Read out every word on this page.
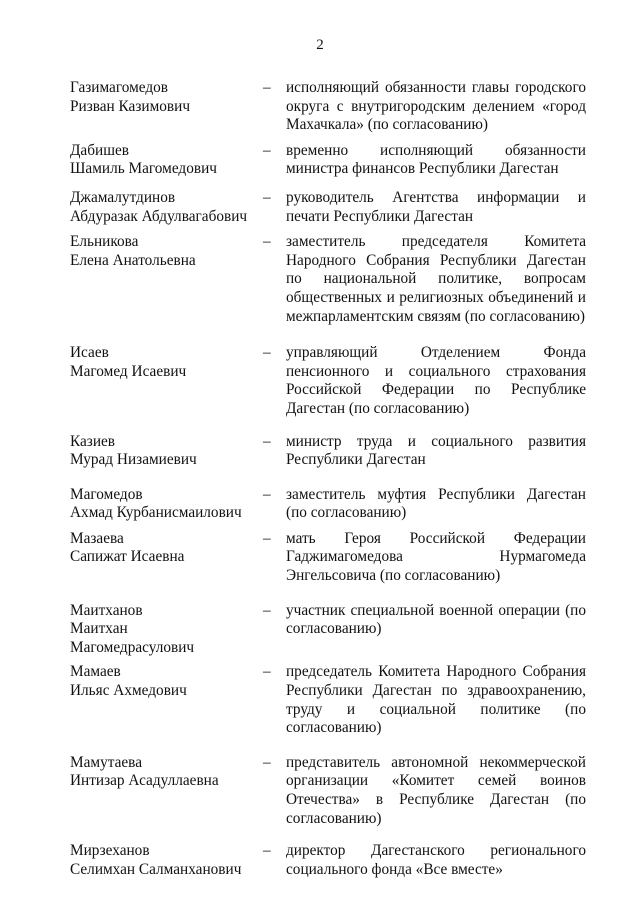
2
Газимагомедов
Ризван Казимович
–	исполняющий обязанности главы городского округа с внутригородским делением «город Махачкала» (по согласованию)
Дабишев
Шамиль Магомедович
–	временно исполняющий обязанности министра финансов Республики Дагестан
Джамалутдинов
Абдуразак Абдулвагабович
–	руководитель Агентства информации и печати Республики Дагестан
Ельникова
Елена Анатольевна
–	заместитель председателя Комитета Народного Собрания Республики Дагестан по национальной политике, вопросам общественных и религиозных объединений и межпарламентским связям (по согласованию)
Исаев
Магомед Исаевич
–	управляющий Отделением Фонда пенсионного и социального страхования Российской Федерации по Республике Дагестан (по согласованию)
Казиев
Мурад Низамиевич
–	министр труда и социального развития Республики Дагестан
Магомедов
Ахмад Курбанисмаилович
–	заместитель муфтия Республики Дагестан (по согласованию)
Мазаева
Сапижат Исаевна
–	мать Героя Российской Федерации Гаджимагомедова Нурмагомеда Энгельсовича (по согласованию)
Маитханов
Маитхан
Магомедрасулович
–	участник специальной военной операции (по согласованию)
Мамаев
Ильяс Ахмедович
–	председатель Комитета Народного Собрания Республики Дагестан по здравоохранению, труду и социальной политике (по согласованию)
Мамутаева
Интизар Асадуллаевна
–	представитель автономной некоммерческой организации «Комитет семей воинов Отечества» в Республике Дагестан (по согласованию)
Мирзеханов
Селимхан Салманханович
–	директор Дагестанского регионального социального фонда «Все вместе»
